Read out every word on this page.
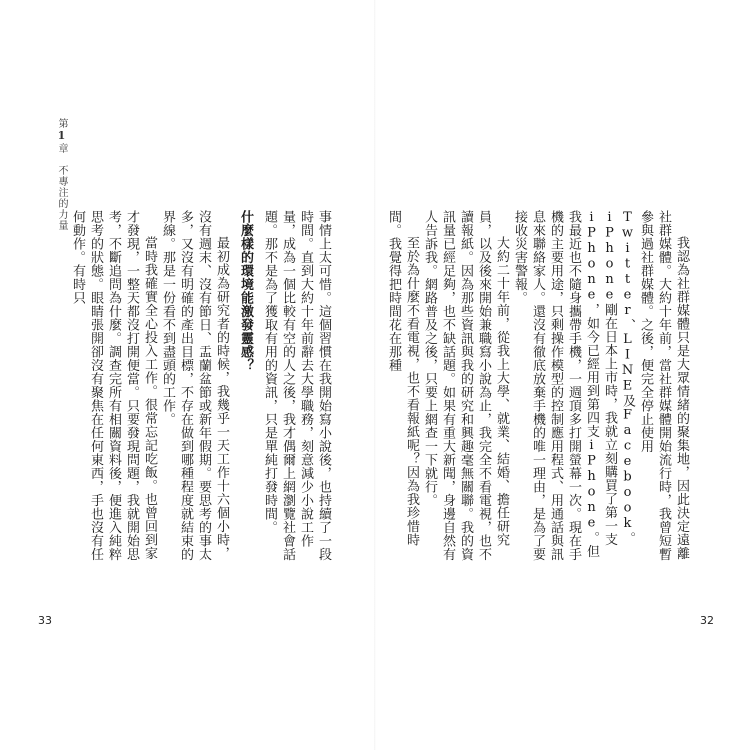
第1章　不專注的力量

我認為社群媒體只是大眾情緒的聚集地，因此決定遠離社群媒體。大約十年前，當社群媒體開始流行時，我曾短暫參與過社群媒體。之後，便完全停止使用Twitter、LINE及Facebook。iPhone剛在日本上市時，我就立刻購買了第一支iPhone，如今已經用到第四支iPhone。但我最近也不隨身攜帶手機，一週頂多打開螢幕一次。現在手機的主要用途，只剩操作模型的控制應用程式、用通話與訊息來聯絡家人。還沒有徹底放棄手機的唯一理由，是為了要接收災害警報。

大約二十年前，從我上大學、就業、結婚、擔任研究員，以及後來開始兼職寫小說為止，我完全不看電視，也不讀報紙。因為那些資訊與我的研究和興趣毫無關聯。我的資訊量已經足夠，也不缺話題。如果有重大新聞，身邊自然有人告訴我。網路普及之後，只要上網查一下就行。

至於為什麼不看電視，也不看報紙呢？因為我珍惜時間。我覺得把時間花在那種

事情上太可惜。這個習慣在我開始寫小說後，也持續了一段時間。直到大約十年前辭去大學職務，刻意減少小說工作量，成為一個比較有空的人之後，我才偶爾上網瀏覽社會話題。那不是為了獲取有用的資訊，只是單純打發時間。

什麼樣的環境能激發靈感？

最初成為研究者的時候，我幾乎一天工作十六個小時，沒有週末、沒有節日、盂蘭盆節或新年假期。要思考的事太多，又沒有明確的產出目標，不存在做到哪種程度就結束的界線。那是一份看不到盡頭的工作。

當時我確實全心投入工作。很常忘記吃飯。也曾回到家才發現，一整天都沒打開便當。只要發現問題，我就開始思考，不斷追問為什麼。調查完所有相關資料後，便進入純粹思考的狀態。眼睛張開卻沒有聚焦在任何東西，手也沒有任何動作。有時只

33	32
